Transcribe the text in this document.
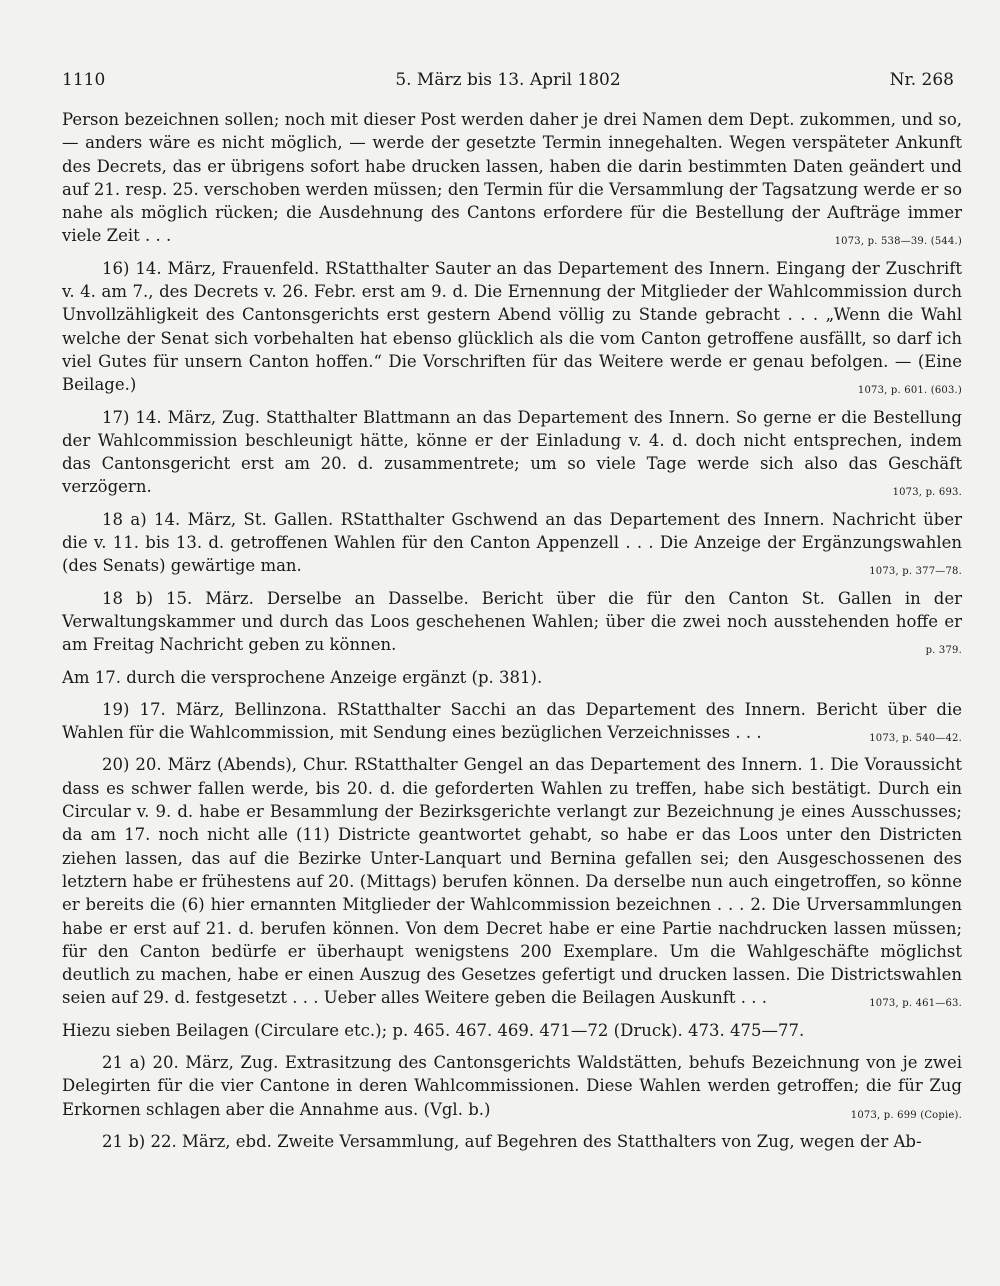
1110	5. März bis 13. April 1802	Nr. 268

Person bezeichnen sollen; noch mit dieser Post werden daher je drei Namen dem Dept. zukommen, und so, — anders wäre es nicht möglich, — werde der gesetzte Termin innegehalten. Wegen verspäteter Ankunft des Decrets, das er übrigens sofort habe drucken lassen, haben die darin bestimmten Daten geändert und auf 21. resp. 25. verschoben werden müssen; den Termin für die Versammlung der Tagsatzung werde er so nahe als möglich rücken; die Ausdehnung des Cantons erfordere für die Bestellung der Aufträge immer viele Zeit . . .	1073, p. 538—39. (544.)

16) 14. März, Frauenfeld. RStatthalter Sauter an das Departement des Innern. Eingang der Zuschrift v. 4. am 7., des Decrets v. 26. Febr. erst am 9. d. Die Ernennung der Mitglieder der Wahlcommission durch Unvollzähligkeit des Cantonsgerichts erst gestern Abend völlig zu Stande gebracht . . . „Wenn die Wahl welche der Senat sich vorbehalten hat ebenso glücklich als die vom Canton getroffene ausfällt, so darf ich viel Gutes für unsern Canton hoffen.“ Die Vorschriften für das Weitere werde er genau befolgen. — (Eine Beilage.)	1073, p. 601. (603.)

17) 14. März, Zug. Statthalter Blattmann an das Departement des Innern. So gerne er die Bestellung der Wahlcommission beschleunigt hätte, könne er der Einladung v. 4. d. doch nicht entsprechen, indem das Cantonsgericht erst am 20. d. zusammentrete; um so viele Tage werde sich also das Geschäft verzögern.	1073, p. 693.

18 a) 14. März, St. Gallen. RStatthalter Gschwend an das Departement des Innern. Nachricht über die v. 11. bis 13. d. getroffenen Wahlen für den Canton Appenzell . . . Die Anzeige der Ergänzungswahlen (des Senats) gewärtige man.	1073, p. 377—78.

18 b) 15. März. Derselbe an Dasselbe. Bericht über die für den Canton St. Gallen in der Verwaltungskammer und durch das Loos geschehenen Wahlen; über die zwei noch ausstehenden hoffe er am Freitag Nachricht geben zu können.	p. 379.

Am 17. durch die versprochene Anzeige ergänzt (p. 381).

19) 17. März, Bellinzona. RStatthalter Sacchi an das Departement des Innern. Bericht über die Wahlen für die Wahlcommission, mit Sendung eines bezüglichen Verzeichnisses . . .	1073, p. 540—42.

20) 20. März (Abends), Chur. RStatthalter Gengel an das Departement des Innern. 1. Die Voraussicht dass es schwer fallen werde, bis 20. d. die geforderten Wahlen zu treffen, habe sich bestätigt. Durch ein Circular v. 9. d. habe er Besammlung der Bezirksgerichte verlangt zur Bezeichnung je eines Ausschusses; da am 17. noch nicht alle (11) Districte geantwortet gehabt, so habe er das Loos unter den Districten ziehen lassen, das auf die Bezirke Unter-Lanquart und Bernina gefallen sei; den Ausgeschossenen des letztern habe er frühestens auf 20. (Mittags) berufen können. Da derselbe nun auch eingetroffen, so könne er bereits die (6) hier ernannten Mitglieder der Wahlcommission bezeichnen . . . 2. Die Urversammlungen habe er erst auf 21. d. berufen können. Von dem Decret habe er eine Partie nachdrucken lassen müssen; für den Canton bedürfe er überhaupt wenigstens 200 Exemplare. Um die Wahlgeschäfte möglichst deutlich zu machen, habe er einen Auszug des Gesetzes gefertigt und drucken lassen. Die Districtswahlen seien auf 29. d. festgesetzt . . . Ueber alles Weitere geben die Beilagen Auskunft . . .	1073, p. 461—63.

Hiezu sieben Beilagen (Circulare etc.); p. 465. 467. 469. 471—72 (Druck). 473. 475—77.

21 a) 20. März, Zug. Extrasitzung des Cantonsgerichts Waldstätten, behufs Bezeichnung von je zwei Delegirten für die vier Cantone in deren Wahlcommissionen. Diese Wahlen werden getroffen; die für Zug Erkornen schlagen aber die Annahme aus. (Vgl. b.)	1073, p. 699 (Copie).

21 b) 22. März, ebd. Zweite Versammlung, auf Begehren des Statthalters von Zug, wegen der Ab-
